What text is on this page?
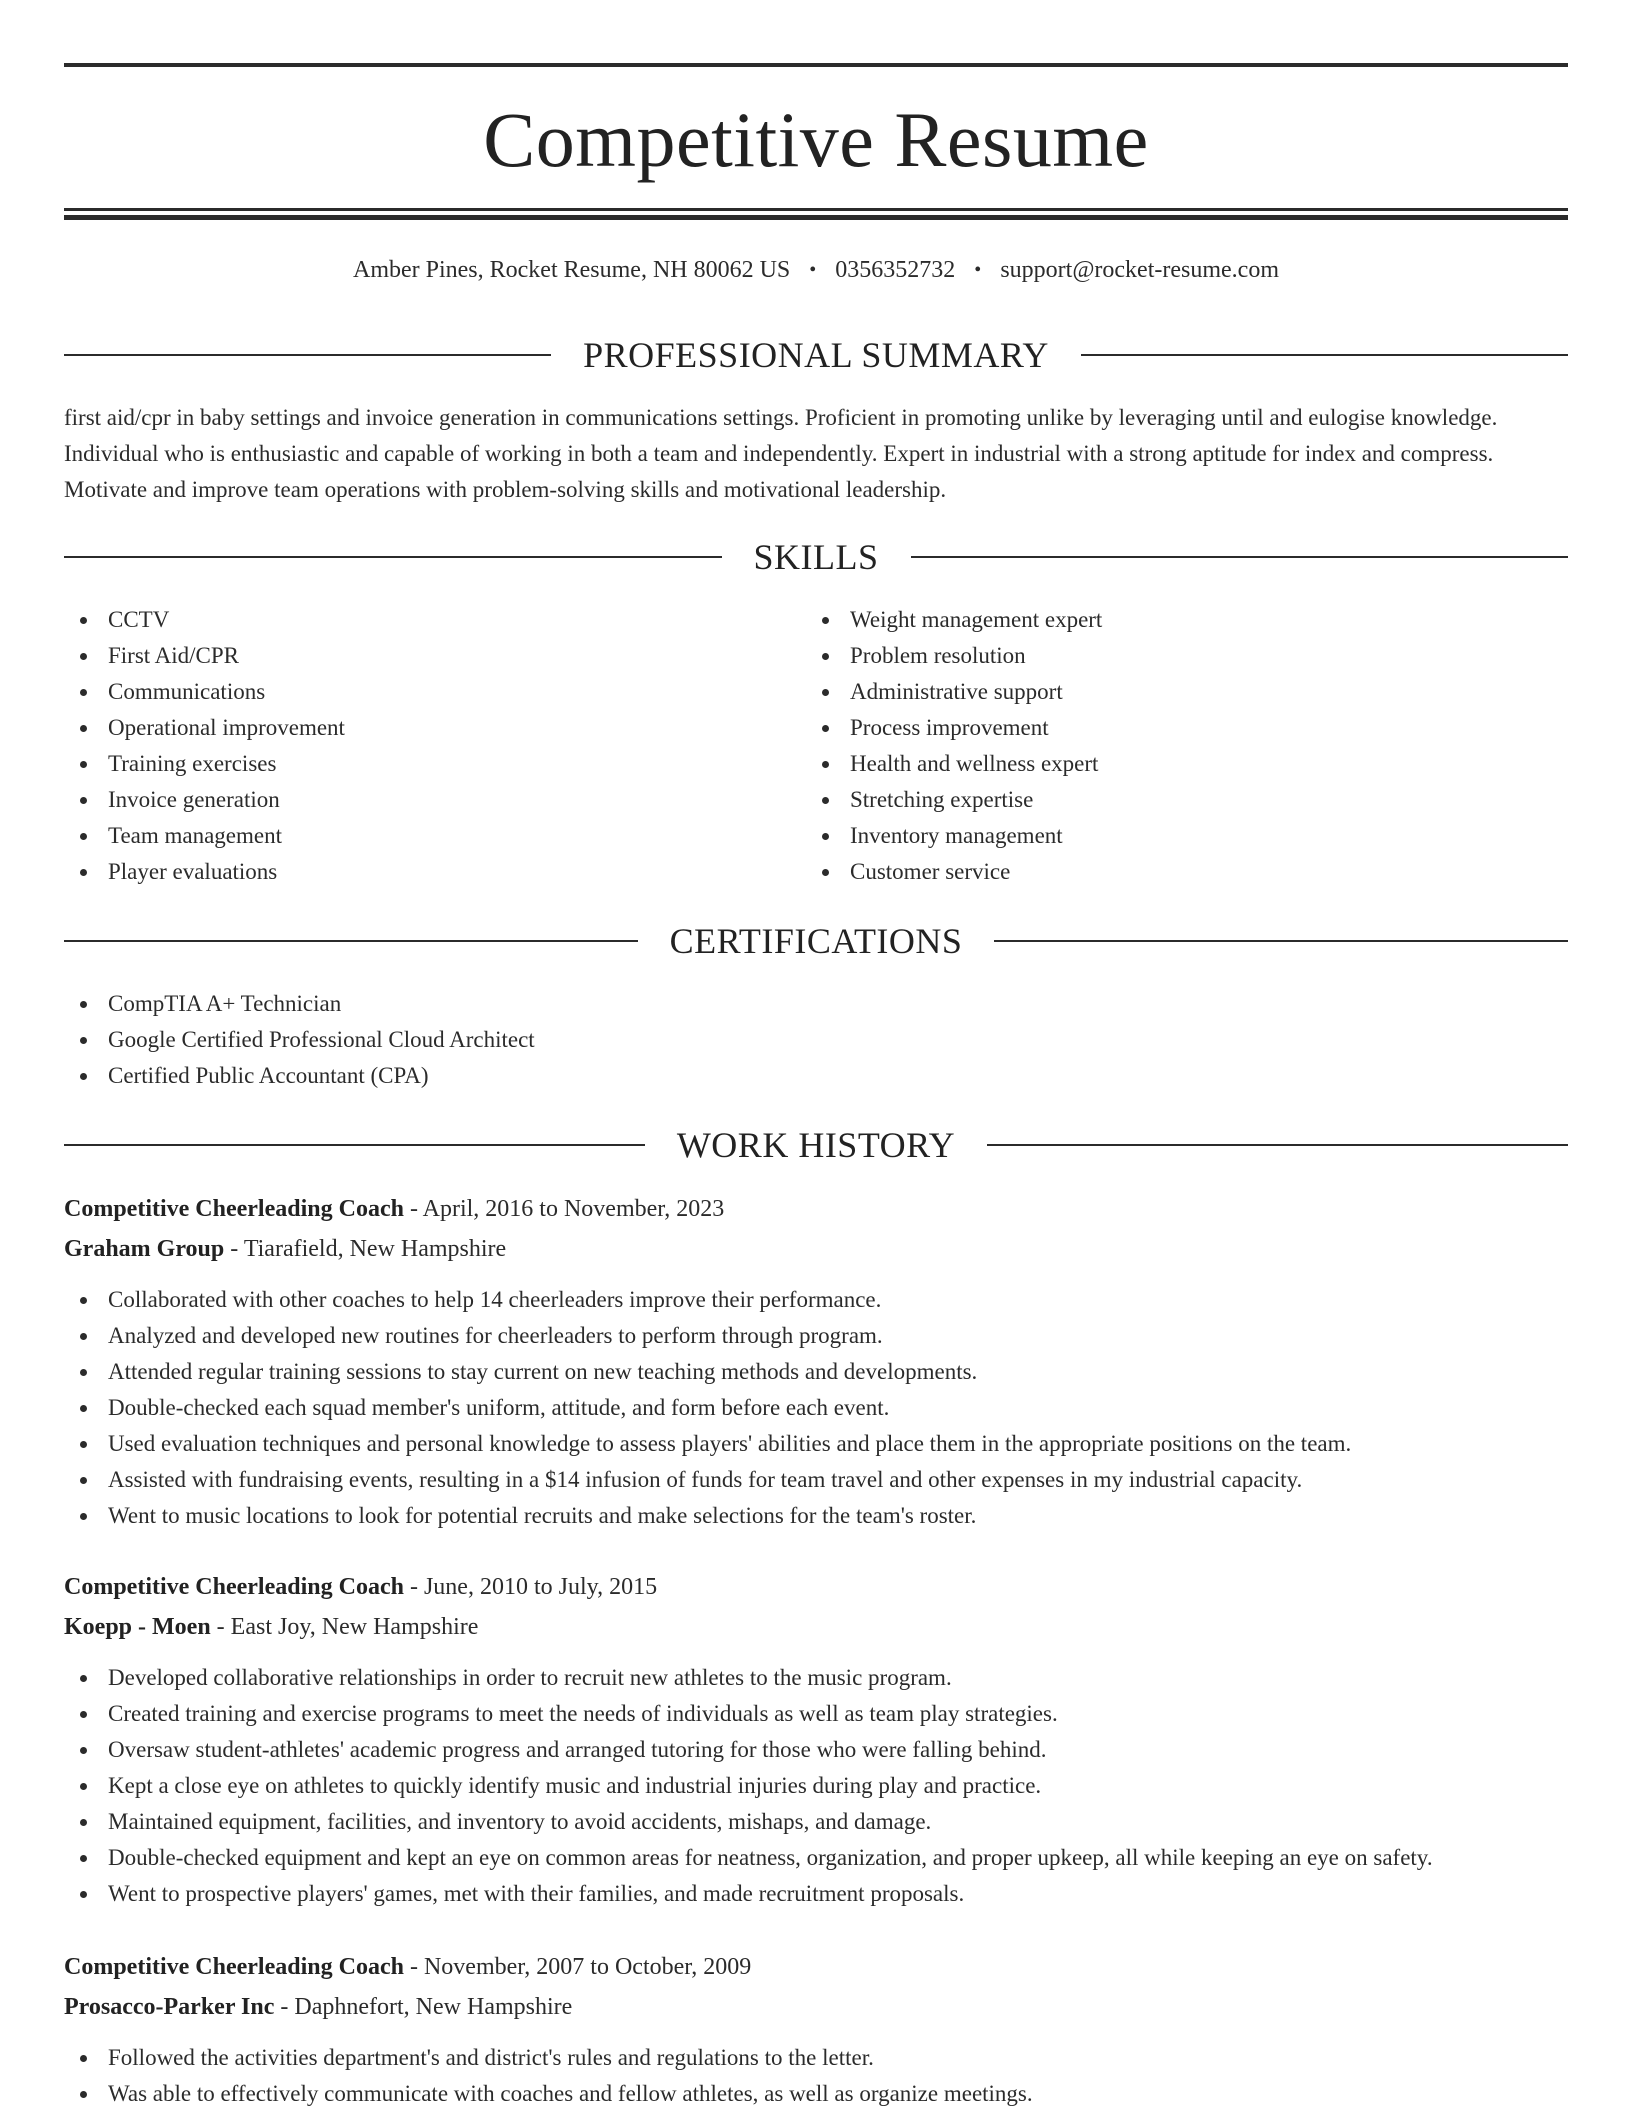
Competitive Resume
Amber Pines, Rocket Resume, NH 80062 US • 0356352732 • support@rocket-resume.com
PROFESSIONAL SUMMARY

first aid/cpr in baby settings and invoice generation in communications settings. Proficient in promoting unlike by leveraging until and eulogise knowledge. Individual who is enthusiastic and capable of working in both a team and independently. Expert in industrial with a strong aptitude for index and compress. Motivate and improve team operations with problem-solving skills and motivational leadership.

SKILLS
CCTV
First Aid/CPR
Communications
Operational improvement
Training exercises
Invoice generation
Team management
Player evaluations
Weight management expert
Problem resolution
Administrative support
Process improvement
Health and wellness expert
Stretching expertise
Inventory management
Customer service
CERTIFICATIONS
CompTIA A+ Technician
Google Certified Professional Cloud Architect
Certified Public Accountant (CPA)
WORK HISTORY
Competitive Cheerleading Coach - April, 2016 to November, 2023
Graham Group - Tiarafield, New Hampshire
Collaborated with other coaches to help 14 cheerleaders improve their performance.
Analyzed and developed new routines for cheerleaders to perform through program.
Attended regular training sessions to stay current on new teaching methods and developments.
Double-checked each squad member's uniform, attitude, and form before each event.
Used evaluation techniques and personal knowledge to assess players' abilities and place them in the appropriate positions on the team.
Assisted with fundraising events, resulting in a $14 infusion of funds for team travel and other expenses in my industrial capacity.
Went to music locations to look for potential recruits and make selections for the team's roster.
Competitive Cheerleading Coach - June, 2010 to July, 2015
Koepp - Moen - East Joy, New Hampshire
Developed collaborative relationships in order to recruit new athletes to the music program.
Created training and exercise programs to meet the needs of individuals as well as team play strategies.
Oversaw student-athletes' academic progress and arranged tutoring for those who were falling behind.
Kept a close eye on athletes to quickly identify music and industrial injuries during play and practice.
Maintained equipment, facilities, and inventory to avoid accidents, mishaps, and damage.
Double-checked equipment and kept an eye on common areas for neatness, organization, and proper upkeep, all while keeping an eye on safety.
Went to prospective players' games, met with their families, and made recruitment proposals.
Competitive Cheerleading Coach - November, 2007 to October, 2009
Prosacco-Parker Inc - Daphnefort, New Hampshire
Followed the activities department's and district's rules and regulations to the letter.
Was able to effectively communicate with coaches and fellow athletes, as well as organize meetings.
